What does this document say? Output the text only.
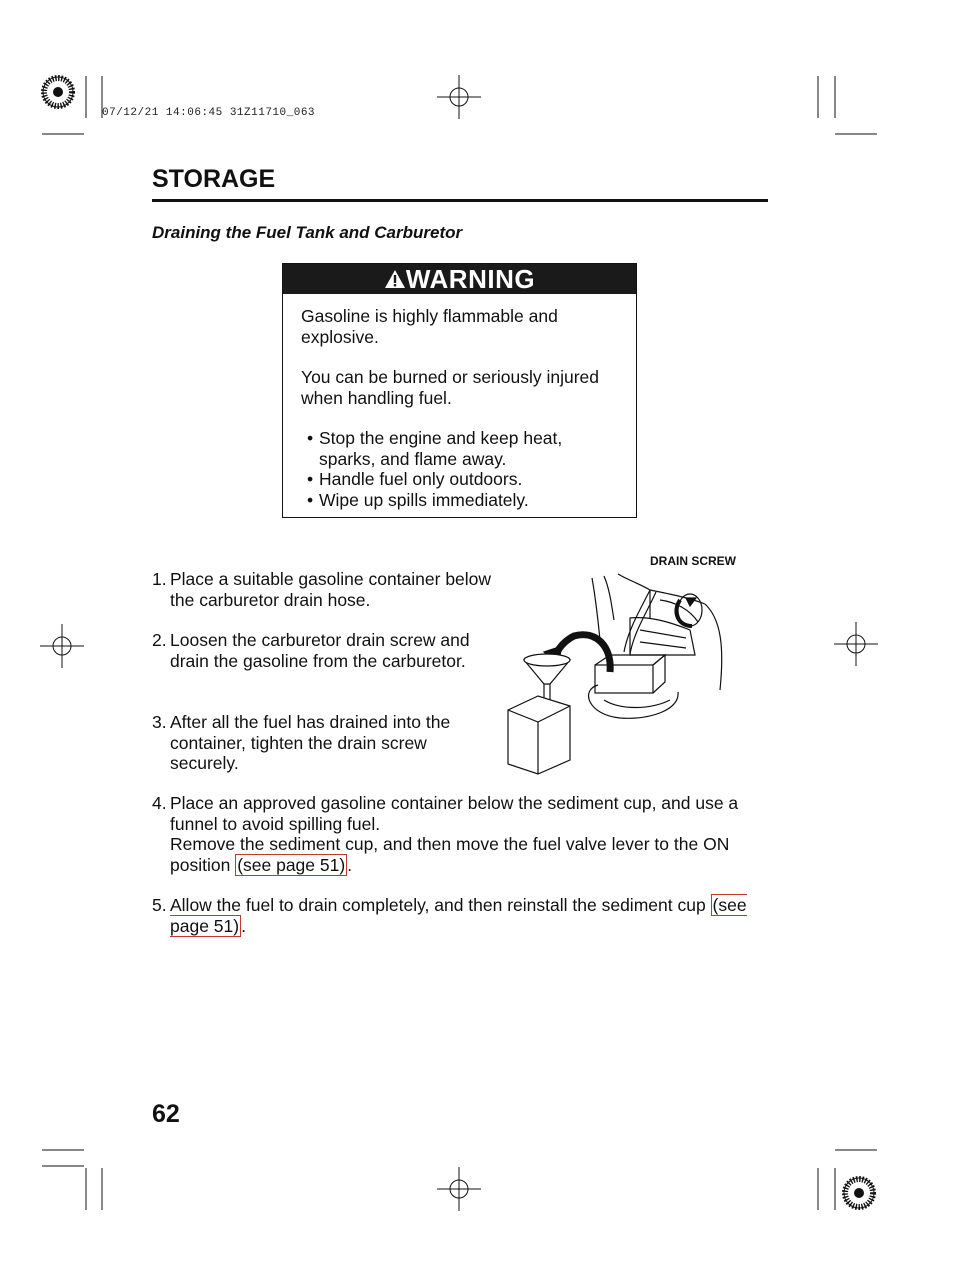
07/12/21 14:06:45 31Z11710_063
STORAGE
Draining the Fuel Tank and Carburetor
WARNING

Gasoline is highly flammable and explosive.

You can be burned or seriously injured when handling fuel.

• Stop the engine and keep heat, sparks, and flame away.
• Handle fuel only outdoors.
• Wipe up spills immediately.
DRAIN SCREW
1. Place a suitable gasoline container below the carburetor drain hose.
2. Loosen the carburetor drain screw and drain the gasoline from the carburetor.
3. After all the fuel has drained into the container, tighten the drain screw securely.
4. Place an approved gasoline container below the sediment cup, and use a funnel to avoid spilling fuel.
Remove the sediment cup, and then move the fuel valve lever to the ON position (see page 51) .
5. Allow the fuel to drain completely, and then reinstall the sediment cup (see page 51) .
62
